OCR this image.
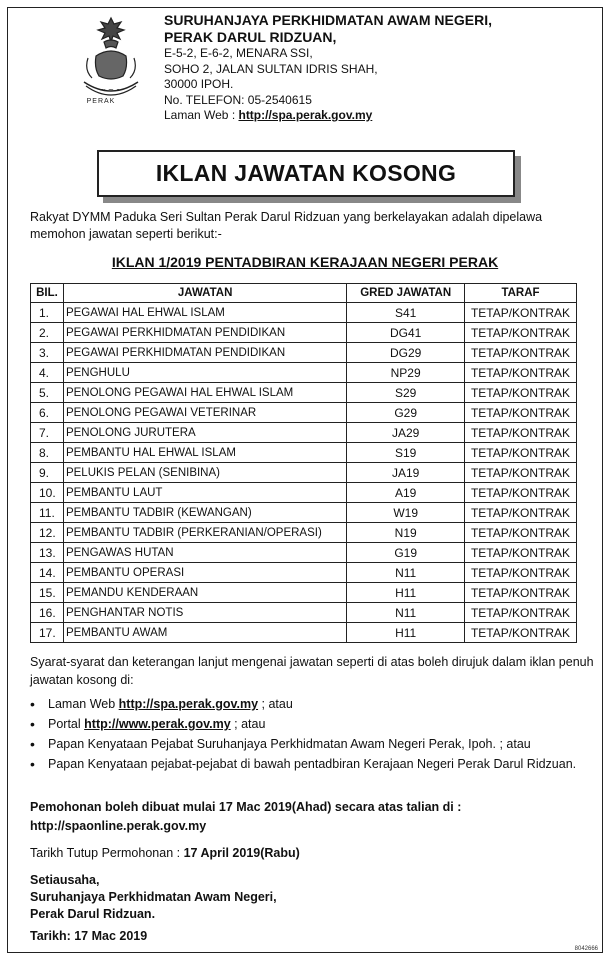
~ ~ ~
PERAK
SURUHANJAYA PERKHIDMATAN AWAM NEGERI,
PERAK DARUL RIDZUAN,
E-5-2, E-6-2, MENARA SSI,
SOHO 2, JALAN SULTAN IDRIS SHAH,
30000 IPOH.
No. TELEFON: 05-2540615
Laman Web : http://spa.perak.gov.my
IKLAN JAWATAN KOSONG
Rakyat DYMM Paduka Seri Sultan Perak Darul Ridzuan yang berkelayakan adalah dipelawa memohon jawatan seperti berikut:-
IKLAN 1/2019 PENTADBIRAN KERAJAAN NEGERI PERAK
BIL.	JAWATAN	GRED JAWATAN	TARAF
1.	PEGAWAI HAL EHWAL ISLAM	S41	TETAP/KONTRAK
2.	PEGAWAI PERKHIDMATAN PENDIDIKAN	DG41	TETAP/KONTRAK
3.	PEGAWAI PERKHIDMATAN PENDIDIKAN	DG29	TETAP/KONTRAK
4.	PENGHULU	NP29	TETAP/KONTRAK
5.	PENOLONG PEGAWAI HAL EHWAL ISLAM	S29	TETAP/KONTRAK
6.	PENOLONG PEGAWAI VETERINAR	G29	TETAP/KONTRAK
7.	PENOLONG JURUTERA	JA29	TETAP/KONTRAK
8.	PEMBANTU HAL EHWAL ISLAM	S19	TETAP/KONTRAK
9.	PELUKIS PELAN (SENIBINA)	JA19	TETAP/KONTRAK
10.	PEMBANTU LAUT	A19	TETAP/KONTRAK
11.	PEMBANTU TADBIR (KEWANGAN)	W19	TETAP/KONTRAK
12.	PEMBANTU TADBIR (PERKERANIAN/OPERASI)	N19	TETAP/KONTRAK
13.	PENGAWAS HUTAN	G19	TETAP/KONTRAK
14.	PEMBANTU OPERASI	N11	TETAP/KONTRAK
15.	PEMANDU KENDERAAN	H11	TETAP/KONTRAK
16.	PENGHANTAR NOTIS	N11	TETAP/KONTRAK
17.	PEMBANTU AWAM	H11	TETAP/KONTRAK
Syarat-syarat dan keterangan lanjut mengenai jawatan seperti di atas boleh dirujuk dalam iklan penuh jawatan kosong di:
• Laman Web http://spa.perak.gov.my ; atau
• Portal http://www.perak.gov.my ; atau
• Papan Kenyataan Pejabat Suruhanjaya Perkhidmatan Awam Negeri Perak, Ipoh. ; atau
• Papan Kenyataan pejabat-pejabat di bawah pentadbiran Kerajaan Negeri Perak Darul Ridzuan.
Pemohonan boleh dibuat mulai 17 Mac 2019(Ahad) secara atas talian di :
http://spaonline.perak.gov.my
Tarikh Tutup Permohonan : 17 April 2019(Rabu)
Setiausaha,
Suruhanjaya Perkhidmatan Awam Negeri,
Perak Darul Ridzuan.
Tarikh: 17 Mac 2019
8042666
